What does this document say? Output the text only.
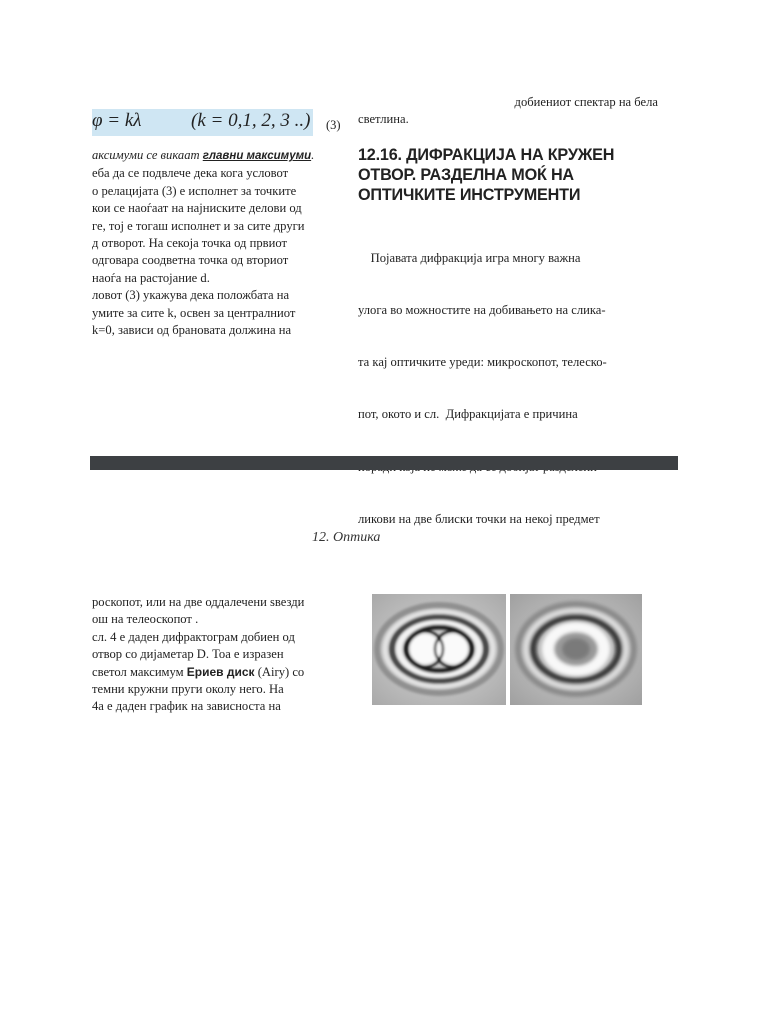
φ = kλ	(k = 0,1, 2, 3 ..) (3)
аксимуми се викаат главни максимуми.
еба да се подвлече дека кога условот
о релацијата (3) е исполнет за точките
кои се наоѓаат на најниските делови од
ге, тој е тогаш исполнет и за сите други
д отворот. На секоја точка од првиот
одговара соодветна точка од вториот
наоѓа на растојание d.
ловот (3) укажува дека положбата на
умите за сите k, освен за централниот
k=0, зависи од брановата должина на
добиениот спектар на бела
светлина.
12.16. ДИФРАКЦИЈА НА КРУЖЕН
ОТВОР. РАЗДЕЛНА МОЌ НА
ОПТИЧКИТЕ ИНСТРУМЕНТИ

Појавата дифракција игра многу важна

улога во можностите на добивањето на слика-

та кај оптичките уреди: микроскопот, телеско-

пот, окото и сл.  Дифракцијата е причина

ликови на две блиски точки на некој предмет

12. Оптика
роскопот, или на две оддалечени ѕвезди
ош на телеоскопот .
сл. 4 е даден дифрактограм добиен од
отвор со дијаметар D. Тоа е изразен
светол максимум Ериев диск (Airy) со
темни кружни пруги околу него. На
4а е даден график на зависноста на
